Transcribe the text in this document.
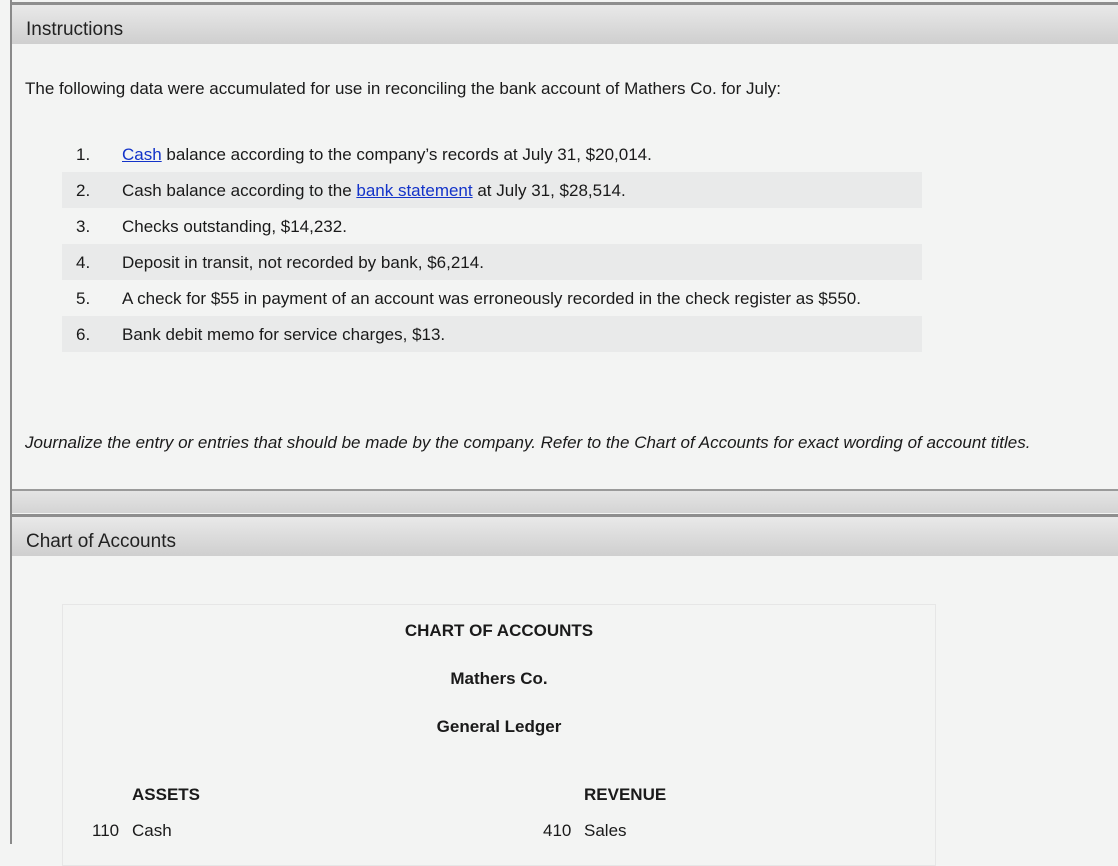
Instructions
The following data were accumulated for use in reconciling the bank account of Mathers Co. for July:
1. Cash balance according to the company’s records at July 31, $20,014.
2. Cash balance according to the bank statement at July 31, $28,514.
3. Checks outstanding, $14,232.
4. Deposit in transit, not recorded by bank, $6,214.
5. A check for $55 in payment of an account was erroneously recorded in the check register as $550.
6. Bank debit memo for service charges, $13.
Journalize the entry or entries that should be made by the company. Refer to the Chart of Accounts for exact wording of account titles.
Chart of Accounts
CHART OF ACCOUNTS
Mathers Co.
General Ledger
ASSETS
110 Cash
REVENUE
410 Sales
